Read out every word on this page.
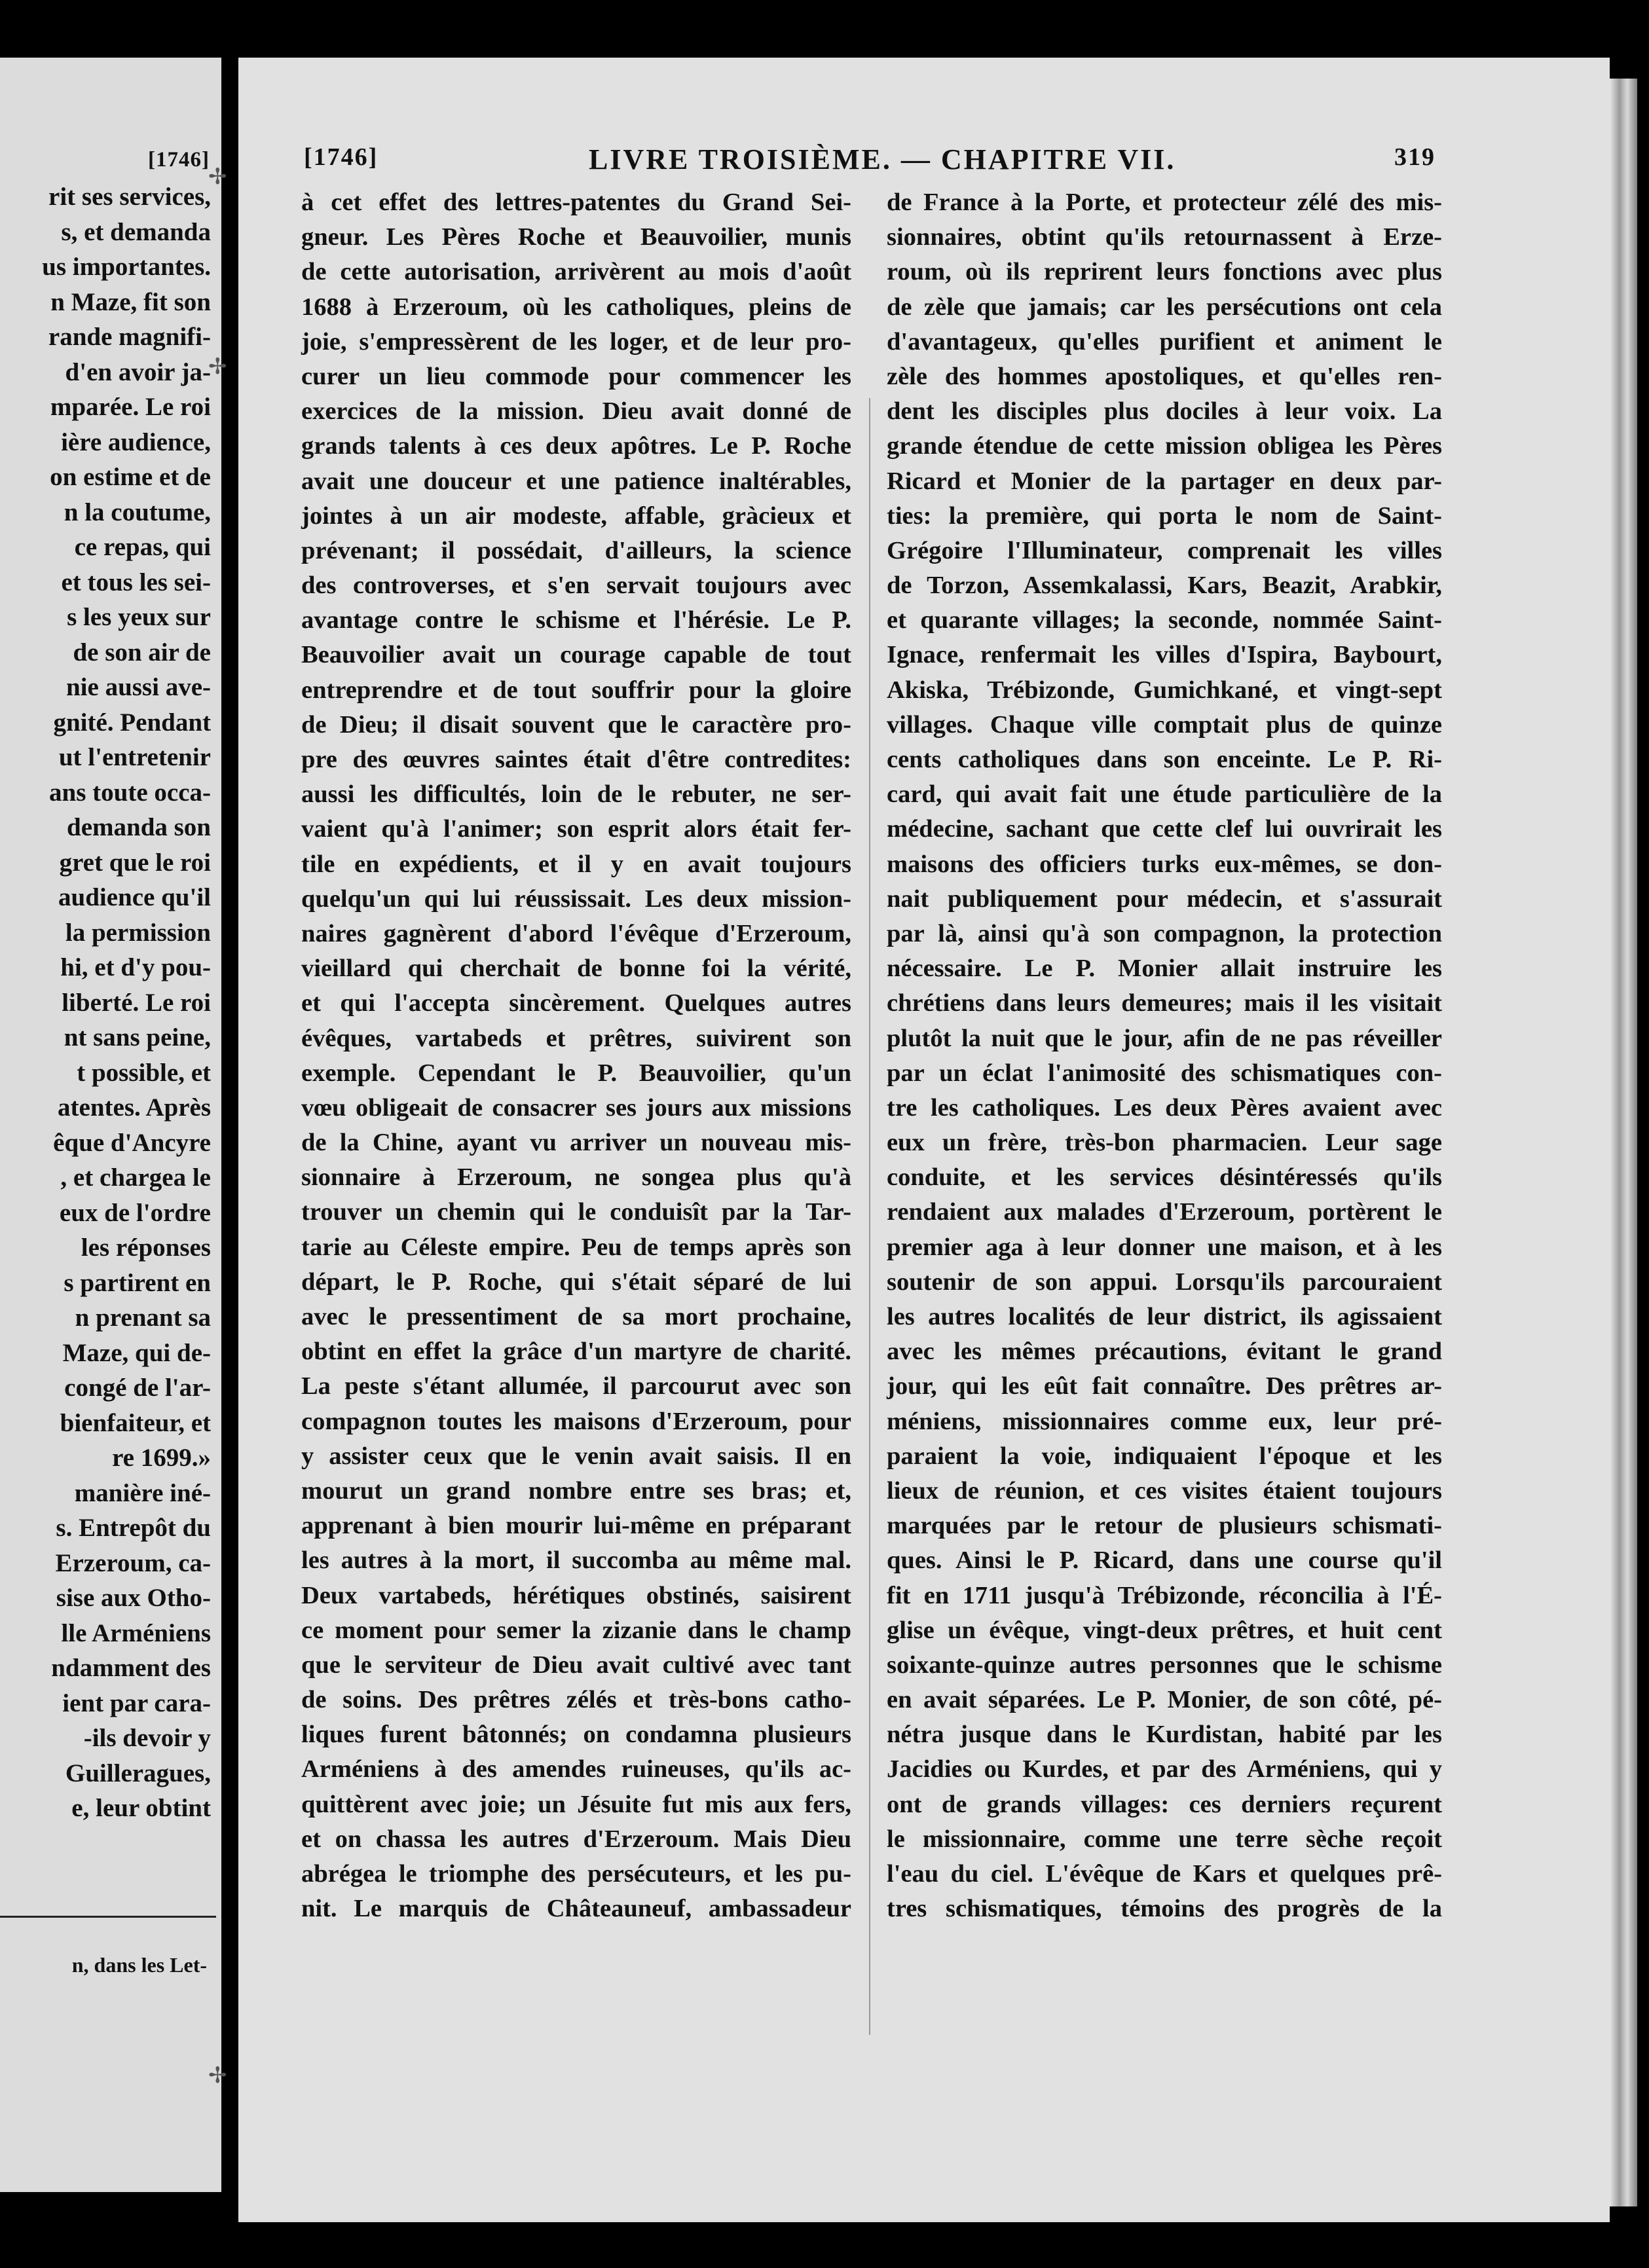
[1746]
rit ses services,
s, et demanda
us importantes.
n Maze, fit son
rande magnifi-
d'en avoir ja-
mparée. Le roi
ière audience,
on estime et de
n la coutume,
ce repas, qui
et tous les sei-
s les yeux sur
de son air de
nie aussi ave-
gnité. Pendant
ut l'entretenir
ans toute occa-
demanda son
gret que le roi
audience qu'il
la permission
hi, et d'y pou-
liberté. Le roi
nt sans peine,
t possible, et
atentes. Après
êque d'Ancyre
, et chargea le
eux de l'ordre
les réponses
s partirent en
n prenant sa
Maze, qui de-
congé de l'ar-
bienfaiteur, et
re 1699.»
manière iné-
s. Entrepôt du
Erzeroum, ca-
sise aux Otho-
lle Arméniens
ndamment des
ient par cara-
-ils devoir y
Guilleragues,
e, leur obtint
n, dans les Let-
✢
✢
✢
[1746]	LIVRE TROISIÈME. — CHAPITRE VII.	319
à cet effet des lettres-patentes du Grand Sei-
gneur. Les Pères Roche et Beauvoilier, munis
de cette autorisation, arrivèrent au mois d'août
1688 à Erzeroum, où les catholiques, pleins de
joie, s'empressèrent de les loger, et de leur pro-
curer un lieu commode pour commencer les
exercices de la mission. Dieu avait donné de
grands talents à ces deux apôtres. Le P. Roche
avait une douceur et une patience inaltérables,
jointes à un air modeste, affable, gràcieux et
prévenant; il possédait, d'ailleurs, la science
des controverses, et s'en servait toujours avec
avantage contre le schisme et l'hérésie. Le P.
Beauvoilier avait un courage capable de tout
entreprendre et de tout souffrir pour la gloire
de Dieu; il disait souvent que le caractère pro-
pre des œuvres saintes était d'être contredites:
aussi les difficultés, loin de le rebuter, ne ser-
vaient qu'à l'animer; son esprit alors était fer-
tile en expédients, et il y en avait toujours
quelqu'un qui lui réussissait. Les deux mission-
naires gagnèrent d'abord l'évêque d'Erzeroum,
vieillard qui cherchait de bonne foi la vérité,
et qui l'accepta sincèrement. Quelques autres
évêques, vartabeds et prêtres, suivirent son
exemple. Cependant le P. Beauvoilier, qu'un
vœu obligeait de consacrer ses jours aux missions
de la Chine, ayant vu arriver un nouveau mis-
sionnaire à Erzeroum, ne songea plus qu'à
trouver un chemin qui le conduisît par la Tar-
tarie au Céleste empire. Peu de temps après son
départ, le P. Roche, qui s'était séparé de lui
avec le pressentiment de sa mort prochaine,
obtint en effet la grâce d'un martyre de charité.
La peste s'étant allumée, il parcourut avec son
compagnon toutes les maisons d'Erzeroum, pour
y assister ceux que le venin avait saisis. Il en
mourut un grand nombre entre ses bras; et,
apprenant à bien mourir lui-même en préparant
les autres à la mort, il succomba au même mal.
Deux vartabeds, hérétiques obstinés, saisirent
ce moment pour semer la zizanie dans le champ
que le serviteur de Dieu avait cultivé avec tant
de soins. Des prêtres zélés et très-bons catho-
liques furent bâtonnés; on condamna plusieurs
Arméniens à des amendes ruineuses, qu'ils ac-
quittèrent avec joie; un Jésuite fut mis aux fers,
et on chassa les autres d'Erzeroum. Mais Dieu
abrégea le triomphe des persécuteurs, et les pu-
nit. Le marquis de Châteauneuf, ambassadeur
de France à la Porte, et protecteur zélé des mis-
sionnaires, obtint qu'ils retournassent à Erze-
roum, où ils reprirent leurs fonctions avec plus
de zèle que jamais; car les persécutions ont cela
d'avantageux, qu'elles purifient et animent le
zèle des hommes apostoliques, et qu'elles ren-
dent les disciples plus dociles à leur voix. La
grande étendue de cette mission obligea les Pères
Ricard et Monier de la partager en deux par-
ties: la première, qui porta le nom de Saint-
Grégoire l'Illuminateur, comprenait les villes
de Torzon, Assemkalassi, Kars, Beazit, Arabkir,
et quarante villages; la seconde, nommée Saint-
Ignace, renfermait les villes d'Ispira, Baybourt,
Akiska, Trébizonde, Gumichkané, et vingt-sept
villages. Chaque ville comptait plus de quinze
cents catholiques dans son enceinte. Le P. Ri-
card, qui avait fait une étude particulière de la
médecine, sachant que cette clef lui ouvrirait les
maisons des officiers turks eux-mêmes, se don-
nait publiquement pour médecin, et s'assurait
par là, ainsi qu'à son compagnon, la protection
nécessaire. Le P. Monier allait instruire les
chrétiens dans leurs demeures; mais il les visitait
plutôt la nuit que le jour, afin de ne pas réveiller
par un éclat l'animosité des schismatiques con-
tre les catholiques. Les deux Pères avaient avec
eux un frère, très-bon pharmacien. Leur sage
conduite, et les services désintéressés qu'ils
rendaient aux malades d'Erzeroum, portèrent le
premier aga à leur donner une maison, et à les
soutenir de son appui. Lorsqu'ils parcouraient
les autres localités de leur district, ils agissaient
avec les mêmes précautions, évitant le grand
jour, qui les eût fait connaître. Des prêtres ar-
méniens, missionnaires comme eux, leur pré-
paraient la voie, indiquaient l'époque et les
lieux de réunion, et ces visites étaient toujours
marquées par le retour de plusieurs schismati-
ques. Ainsi le P. Ricard, dans une course qu'il
fit en 1711 jusqu'à Trébizonde, réconcilia à l'É-
glise un évêque, vingt-deux prêtres, et huit cent
soixante-quinze autres personnes que le schisme
en avait séparées. Le P. Monier, de son côté, pé-
nétra jusque dans le Kurdistan, habité par les
Jacidies ou Kurdes, et par des Arméniens, qui y
ont de grands villages: ces derniers reçurent
le missionnaire, comme une terre sèche reçoit
l'eau du ciel. L'évêque de Kars et quelques prê-
tres schismatiques, témoins des progrès de la
